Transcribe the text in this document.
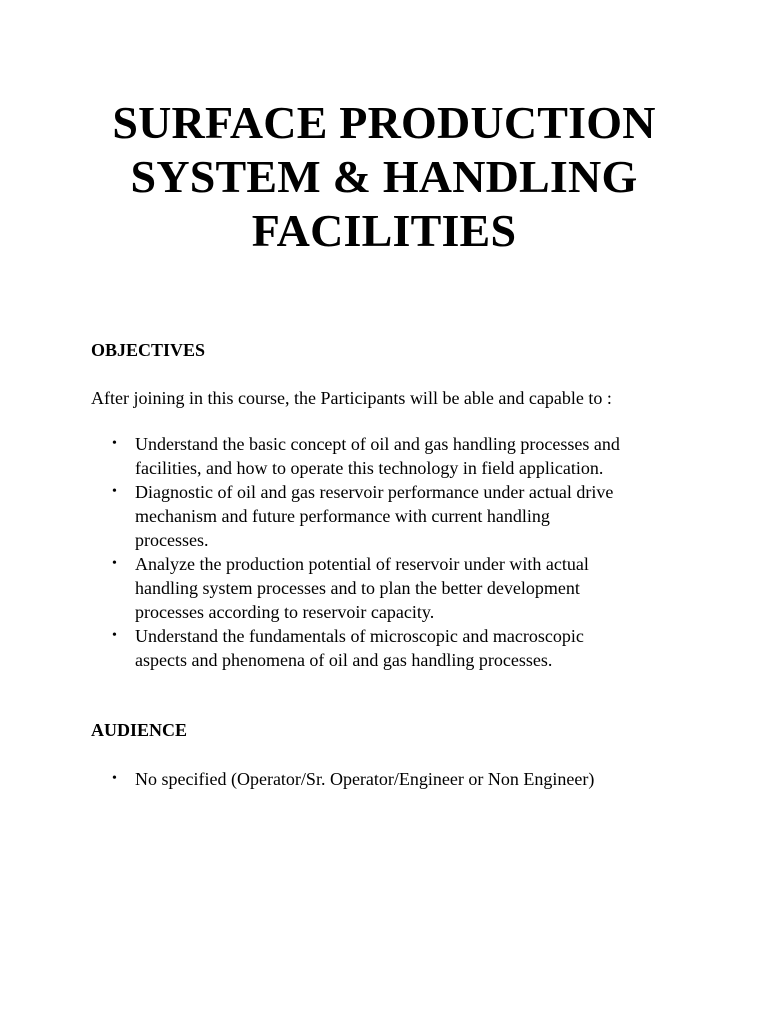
SURFACE PRODUCTION
SYSTEM & HANDLING
FACILITIES
OBJECTIVES

After joining in this course, the Participants will be able and capable to :

• Understand the basic concept of oil and gas handling processes and
facilities, and how to operate this technology in field application.
• Diagnostic of oil and gas reservoir performance under actual drive
mechanism and future performance with current handling
processes.
• Analyze the production potential of reservoir under with actual
handling system processes and to plan the better development
processes according to reservoir capacity.
• Understand the fundamentals of microscopic and macroscopic
aspects and phenomena of oil and gas handling processes.
AUDIENCE
• No specified (Operator/Sr. Operator/Engineer or Non Engineer)
